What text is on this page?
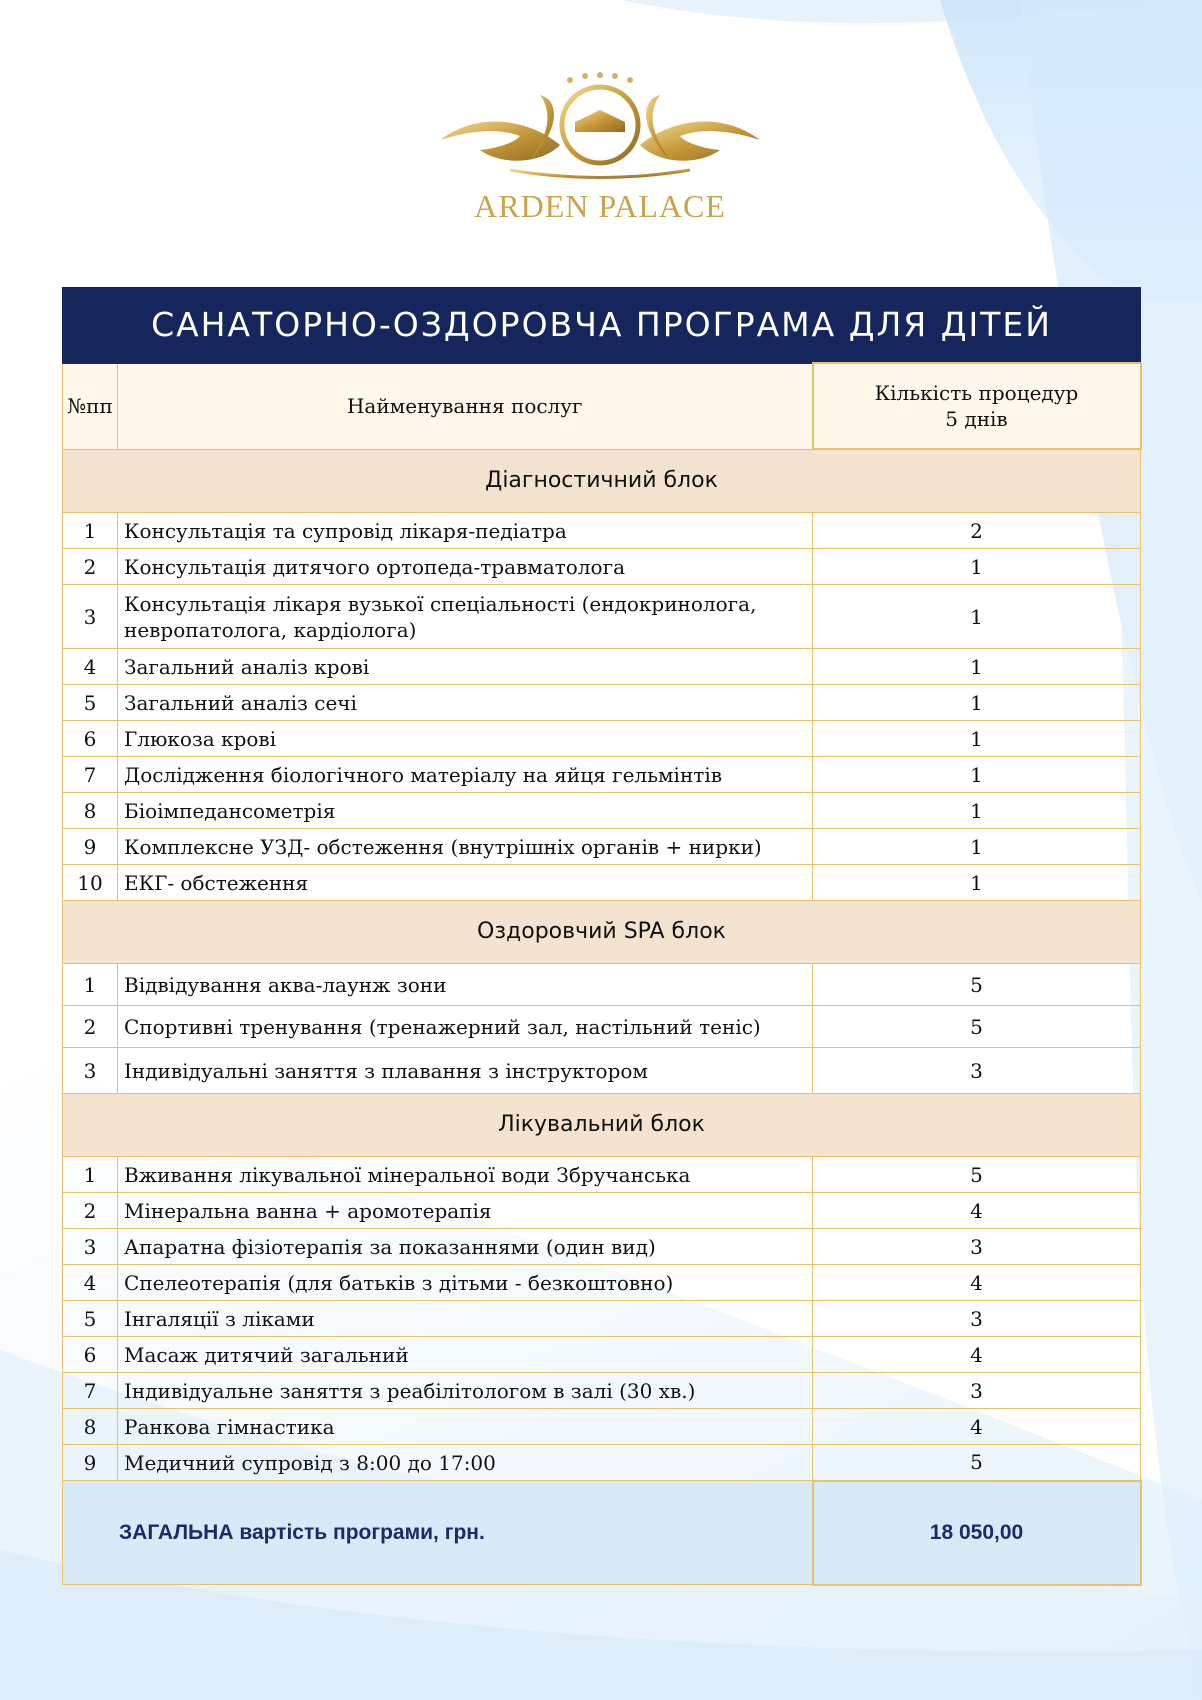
ARDEN PALACE
САНАТОРНО-ОЗДОРОВЧА ПРОГРАМА ДЛЯ ДІТЕЙ		
№пп	Найменування послуг	Кількість процедур
5 днів

Діагностичний блок		
1	Консультація та супровід лікаря-педіатра	2
2	Консультація дитячого ортопеда-травматолога	1
3	Консультація лікаря вузької спеціальності (ендокринолога, невропатолога, кардіолога)	1
4	Загальний аналіз крові	1
5	Загальний аналіз сечі	1
6	Глюкоза крові	1
7	Дослідження біологічного матеріалу на яйця гельмінтів	1
8	Біоімпедансометрія	1
9	Комплексне УЗД- обстеження (внутрішніх органів + нирки)	1
10	ЕКГ- обстеження	1
Оздоровчий SPA блок		
1	Відвідування аква-лаунж зони	5
2	Спортивні тренування (тренажерний зал, настільний теніс)	5
3	Індивідуальні заняття з плавання з інструктором	3
Лікувальний блок		
1	Вживання лікувальної мінеральної води Збручанська	5
2	Мінеральна ванна + аромотерапія	4
3	Апаратна фізіотерапія за показаннями (один вид)	3
4	Спелеотерапія (для батьків з дітьми - безкоштовно)	4
5	Інгаляції з ліками	3
6	Масаж дитячий загальний	4
7	Індивідуальне заняття з реабілітологом в залі (30 хв.)	3
8	Ранкова гімнастика	4
9	Медичний супровід з 8:00 до 17:00	5
ЗАГАЛЬНА вартість програми, грн.		18 050,00
